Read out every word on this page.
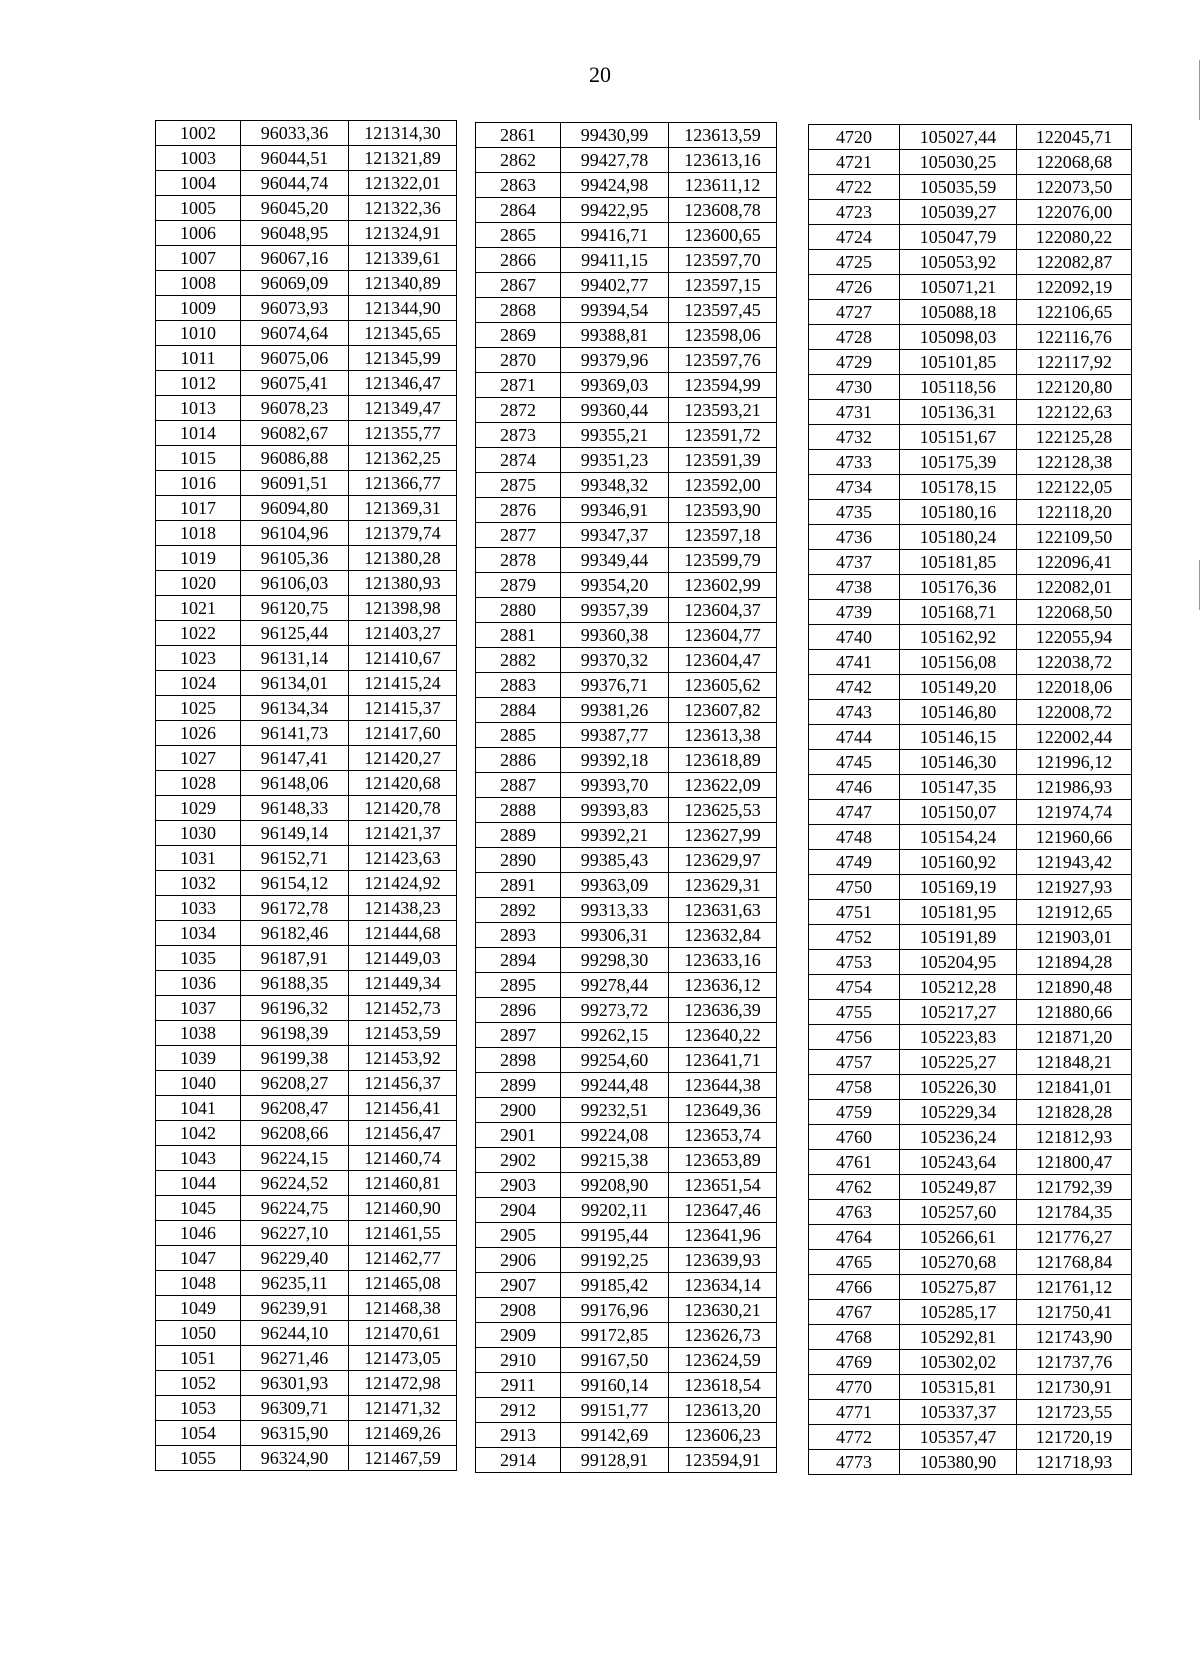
20
1002	96033,36	121314,30
1003	96044,51	121321,89
1004	96044,74	121322,01
1005	96045,20	121322,36
1006	96048,95	121324,91
1007	96067,16	121339,61
1008	96069,09	121340,89
1009	96073,93	121344,90
1010	96074,64	121345,65
1011	96075,06	121345,99
1012	96075,41	121346,47
1013	96078,23	121349,47
1014	96082,67	121355,77
1015	96086,88	121362,25
1016	96091,51	121366,77
1017	96094,80	121369,31
1018	96104,96	121379,74
1019	96105,36	121380,28
1020	96106,03	121380,93
1021	96120,75	121398,98
1022	96125,44	121403,27
1023	96131,14	121410,67
1024	96134,01	121415,24
1025	96134,34	121415,37
1026	96141,73	121417,60
1027	96147,41	121420,27
1028	96148,06	121420,68
1029	96148,33	121420,78
1030	96149,14	121421,37
1031	96152,71	121423,63
1032	96154,12	121424,92
1033	96172,78	121438,23
1034	96182,46	121444,68
1035	96187,91	121449,03
1036	96188,35	121449,34
1037	96196,32	121452,73
1038	96198,39	121453,59
1039	96199,38	121453,92
1040	96208,27	121456,37
1041	96208,47	121456,41
1042	96208,66	121456,47
1043	96224,15	121460,74
1044	96224,52	121460,81
1045	96224,75	121460,90
1046	96227,10	121461,55
1047	96229,40	121462,77
1048	96235,11	121465,08
1049	96239,91	121468,38
1050	96244,10	121470,61
1051	96271,46	121473,05
1052	96301,93	121472,98
1053	96309,71	121471,32
1054	96315,90	121469,26
1055	96324,90	121467,59
2861	99430,99	123613,59
2862	99427,78	123613,16
2863	99424,98	123611,12
2864	99422,95	123608,78
2865	99416,71	123600,65
2866	99411,15	123597,70
2867	99402,77	123597,15
2868	99394,54	123597,45
2869	99388,81	123598,06
2870	99379,96	123597,76
2871	99369,03	123594,99
2872	99360,44	123593,21
2873	99355,21	123591,72
2874	99351,23	123591,39
2875	99348,32	123592,00
2876	99346,91	123593,90
2877	99347,37	123597,18
2878	99349,44	123599,79
2879	99354,20	123602,99
2880	99357,39	123604,37
2881	99360,38	123604,77
2882	99370,32	123604,47
2883	99376,71	123605,62
2884	99381,26	123607,82
2885	99387,77	123613,38
2886	99392,18	123618,89
2887	99393,70	123622,09
2888	99393,83	123625,53
2889	99392,21	123627,99
2890	99385,43	123629,97
2891	99363,09	123629,31
2892	99313,33	123631,63
2893	99306,31	123632,84
2894	99298,30	123633,16
2895	99278,44	123636,12
2896	99273,72	123636,39
2897	99262,15	123640,22
2898	99254,60	123641,71
2899	99244,48	123644,38
2900	99232,51	123649,36
2901	99224,08	123653,74
2902	99215,38	123653,89
2903	99208,90	123651,54
2904	99202,11	123647,46
2905	99195,44	123641,96
2906	99192,25	123639,93
2907	99185,42	123634,14
2908	99176,96	123630,21
2909	99172,85	123626,73
2910	99167,50	123624,59
2911	99160,14	123618,54
2912	99151,77	123613,20
2913	99142,69	123606,23
2914	99128,91	123594,91
4720	105027,44	122045,71
4721	105030,25	122068,68
4722	105035,59	122073,50
4723	105039,27	122076,00
4724	105047,79	122080,22
4725	105053,92	122082,87
4726	105071,21	122092,19
4727	105088,18	122106,65
4728	105098,03	122116,76
4729	105101,85	122117,92
4730	105118,56	122120,80
4731	105136,31	122122,63
4732	105151,67	122125,28
4733	105175,39	122128,38
4734	105178,15	122122,05
4735	105180,16	122118,20
4736	105180,24	122109,50
4737	105181,85	122096,41
4738	105176,36	122082,01
4739	105168,71	122068,50
4740	105162,92	122055,94
4741	105156,08	122038,72
4742	105149,20	122018,06
4743	105146,80	122008,72
4744	105146,15	122002,44
4745	105146,30	121996,12
4746	105147,35	121986,93
4747	105150,07	121974,74
4748	105154,24	121960,66
4749	105160,92	121943,42
4750	105169,19	121927,93
4751	105181,95	121912,65
4752	105191,89	121903,01
4753	105204,95	121894,28
4754	105212,28	121890,48
4755	105217,27	121880,66
4756	105223,83	121871,20
4757	105225,27	121848,21
4758	105226,30	121841,01
4759	105229,34	121828,28
4760	105236,24	121812,93
4761	105243,64	121800,47
4762	105249,87	121792,39
4763	105257,60	121784,35
4764	105266,61	121776,27
4765	105270,68	121768,84
4766	105275,87	121761,12
4767	105285,17	121750,41
4768	105292,81	121743,90
4769	105302,02	121737,76
4770	105315,81	121730,91
4771	105337,37	121723,55
4772	105357,47	121720,19
4773	105380,90	121718,93
